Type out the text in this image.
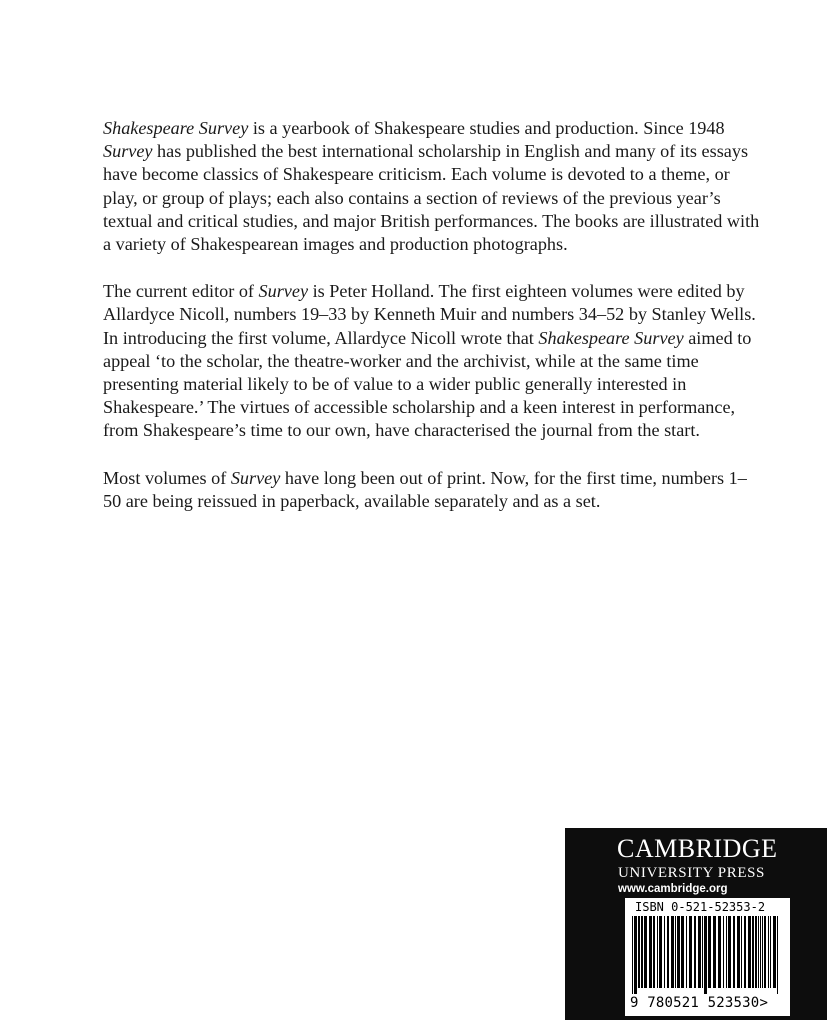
Shakespeare Survey is a yearbook of Shakespeare studies and production. Since 1948 Survey has published the best international scholarship in English and many of its essays have become classics of Shakespeare criticism. Each volume is devoted to a theme, or play, or group of plays; each also contains a section of reviews of the previous year’s textual and critical studies, and major British performances. The books are illustrated with a variety of Shakespearean images and production photographs.

The current editor of Survey is Peter Holland. The first eighteen volumes were edited by Allardyce Nicoll, numbers 19–33 by Kenneth Muir and numbers 34–52 by Stanley Wells. In introducing the first volume, Allardyce Nicoll wrote that Shakespeare Survey aimed to appeal ‘to the scholar, the theatre-worker and the archivist, while at the same time presenting material likely to be of value to a wider public generally interested in Shakespeare.’ The virtues of accessible scholarship and a keen interest in performance, from Shakespeare’s time to our own, have characterised the journal from the start.

Most volumes of Survey have long been out of print. Now, for the first time, numbers 1–50 are being reissued in paperback, available separately and as a set.

CAMBRIDGE
UNIVERSITY PRESS
www.cambridge.org
ISBN 0-521-52353-2
9 780521 523530>
